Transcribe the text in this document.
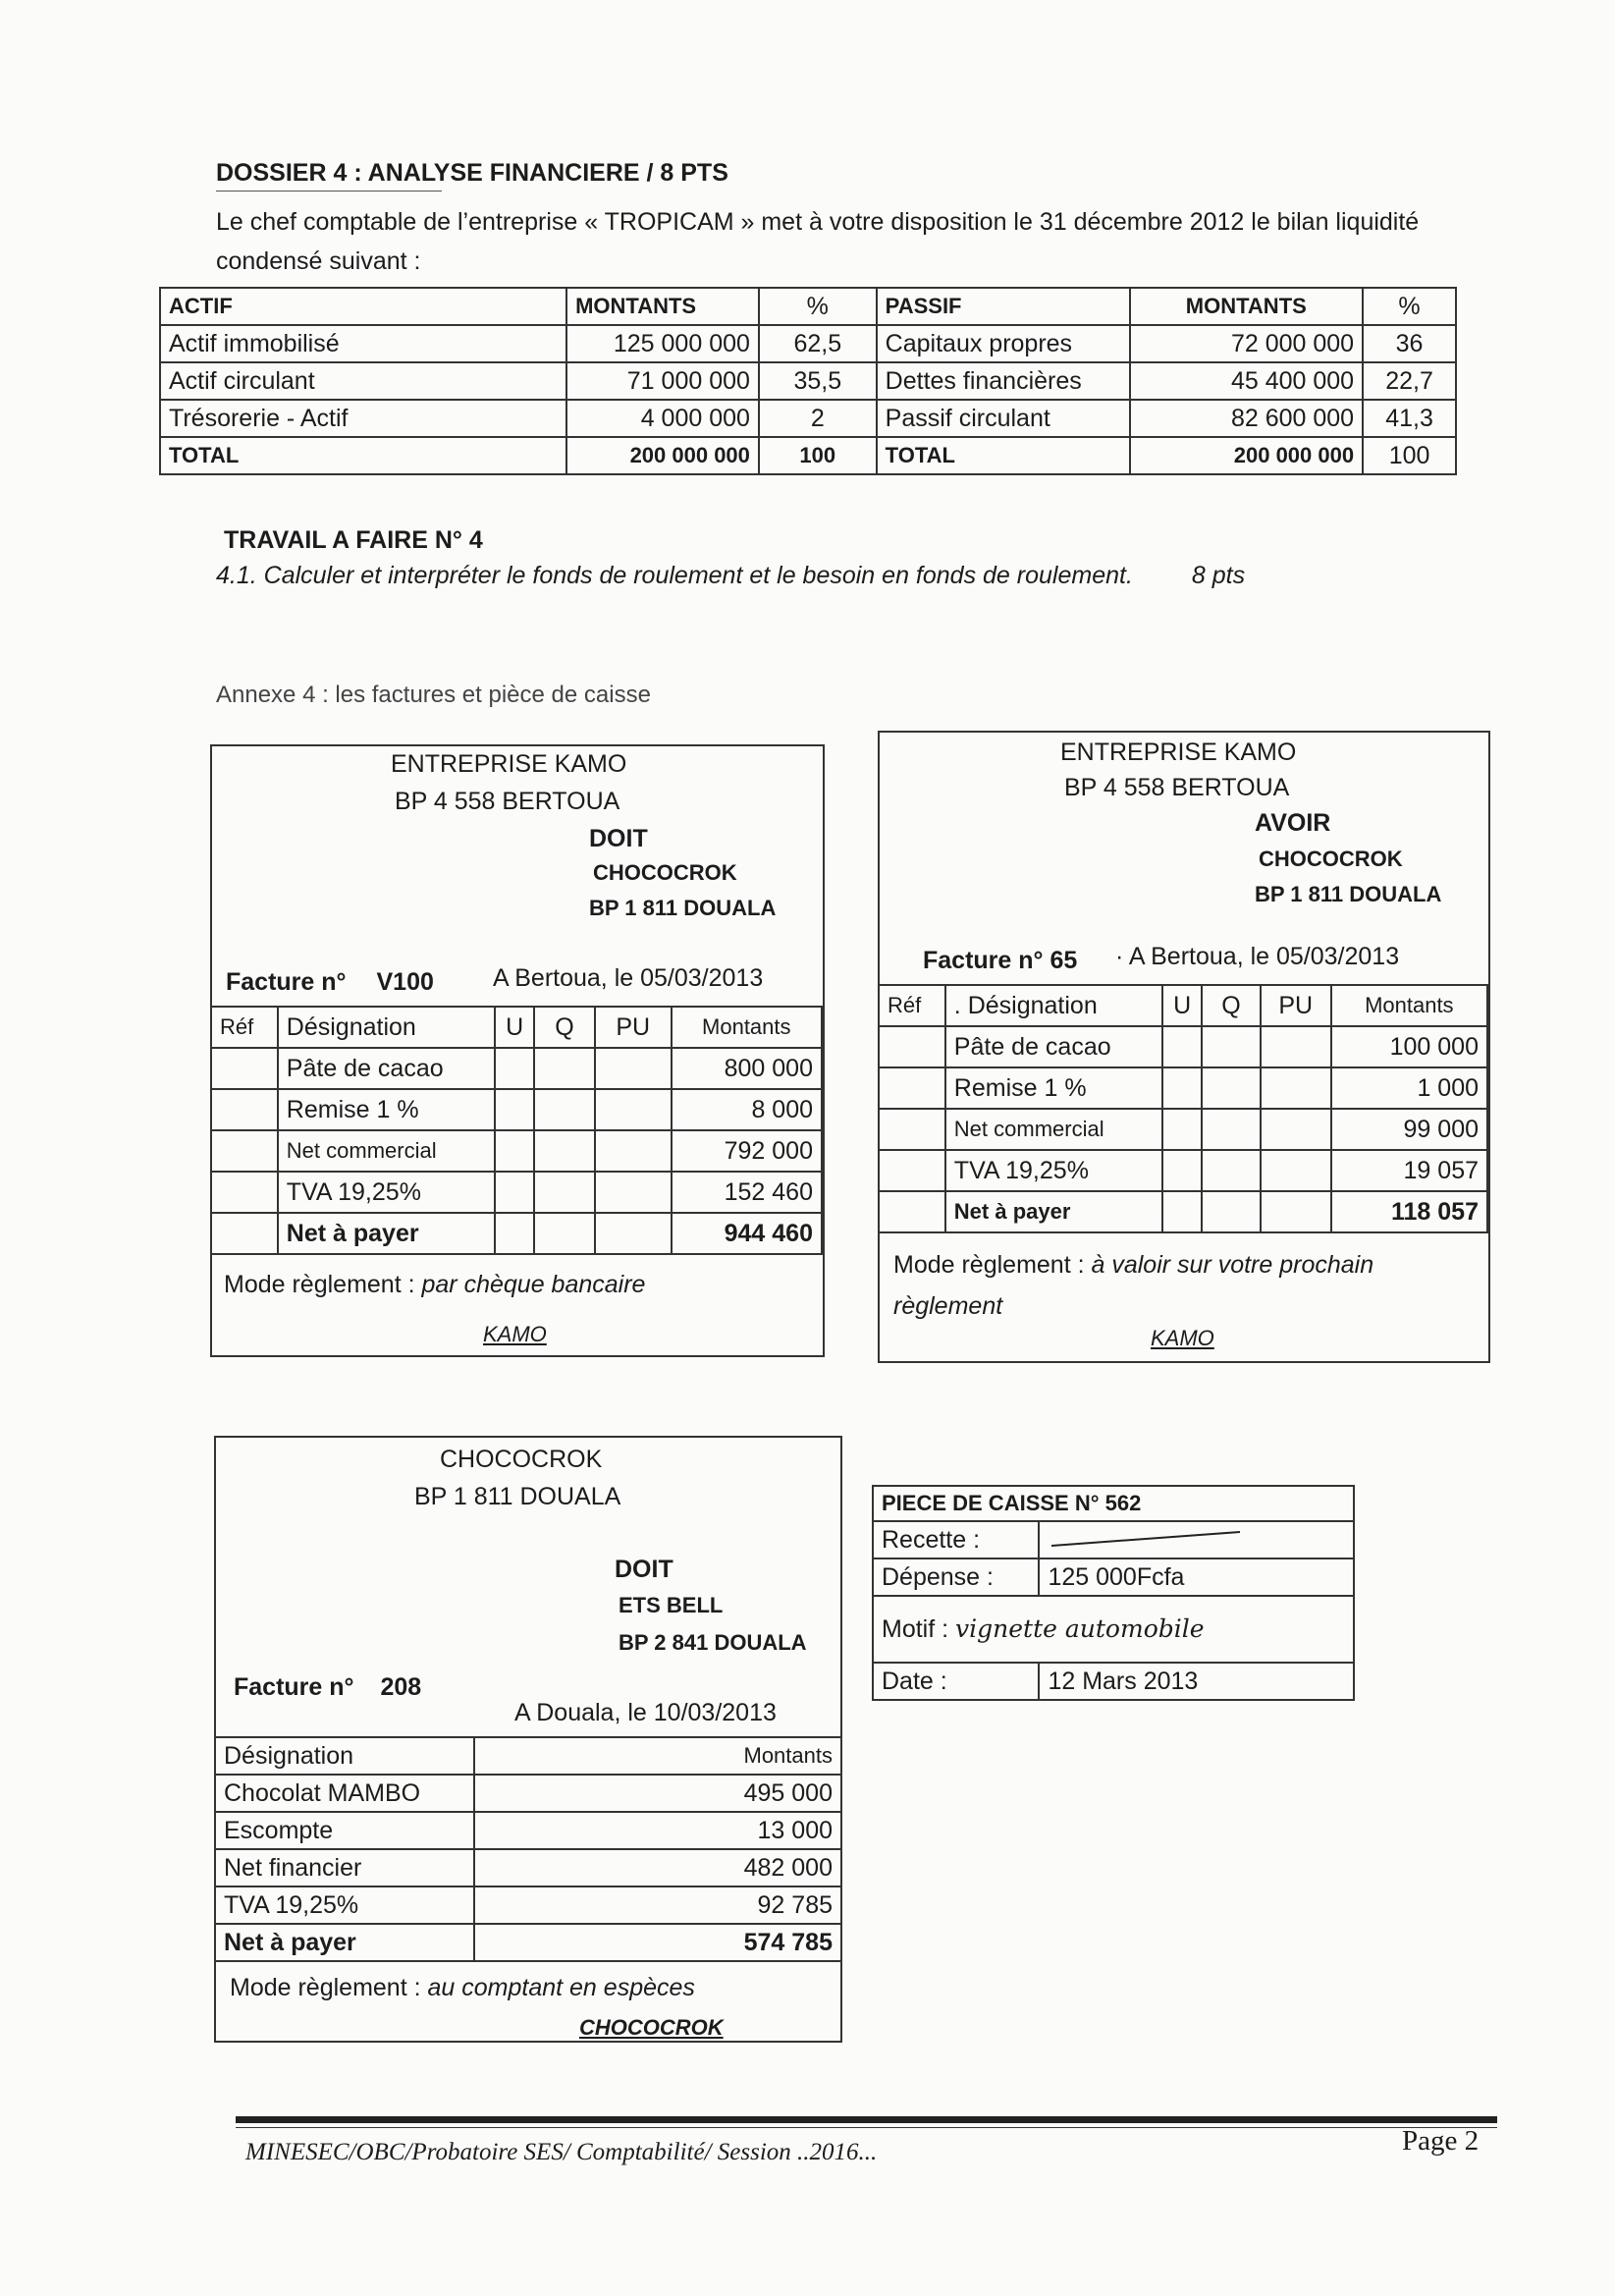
DOSSIER 4 : ANALYSE FINANCIERE / 8 PTS
Le chef comptable de l’entreprise « TROPICAM » met à votre disposition le 31 décembre 2012 le bilan liquidité condensé suivant :
ACTIF	MONTANTS	%	PASSIF	MONTANTS	%
Actif immobilisé	125 000 000	62,5	Capitaux propres	72 000 000	36
Actif circulant	71 000 000	35,5	Dettes financières	45 400 000	22,7
Trésorerie - Actif	4 000 000	2	Passif circulant	82 600 000	41,3
TOTAL	200 000 000	100	TOTAL	200 000 000	100
TRAVAIL A FAIRE N° 4
4.1. Calculer et interpréter le fonds de roulement et le besoin en fonds de roulement. 8 pts
Annexe 4 : les factures et pièce de caisse
ENTREPRISE KAMO
BP 4 558 BERTOUA
DOIT
CHOCOCROK
BP 1 811 DOUALA
Facture n° V100 A Bertoua, le 05/03/2013
Réf	Désignation	U	Q	PU	Montants
	Pâte de cacao				800 000
	Remise 1 %				8 000
	Net commercial				792 000
	TVA 19,25%				152 460
	Net à payer				944 460
Mode règlement : par chèque bancaire
KAMO
ENTREPRISE KAMO
BP 4 558 BERTOUA
AVOIR
CHOCOCROK
BP 1 811 DOUALA
Facture n° 65 · A Bertoua, le 05/03/2013
Réf	. Désignation	U	Q	PU	Montants
	Pâte de cacao				100 000
	Remise 1 %				1 000
	Net commercial				99 000
	TVA 19,25%				19 057
	Net à payer				118 057
Mode règlement : à valoir sur votre prochain
règlement
KAMO
CHOCOCROK
BP 1 811 DOUALA
DOIT
ETS BELL
BP 2 841 DOUALA
Facture n° 208
A Douala, le 10/03/2013
Désignation	Montants
Chocolat MAMBO	495 000
Escompte	13 000
Net financier	482 000
TVA 19,25%	92 785
Net à payer	574 785
Mode règlement : au comptant en espèces
CHOCOCROK
PIECE DE CAISSE N° 562	
Recette :	
Dépense :	125 000Fcfa
Motif : vignette automobile	
Date :	12 Mars 2013
MINESEC/OBC/Probatoire SES/ Comptabilité/ Session ..2016...	Page 2
